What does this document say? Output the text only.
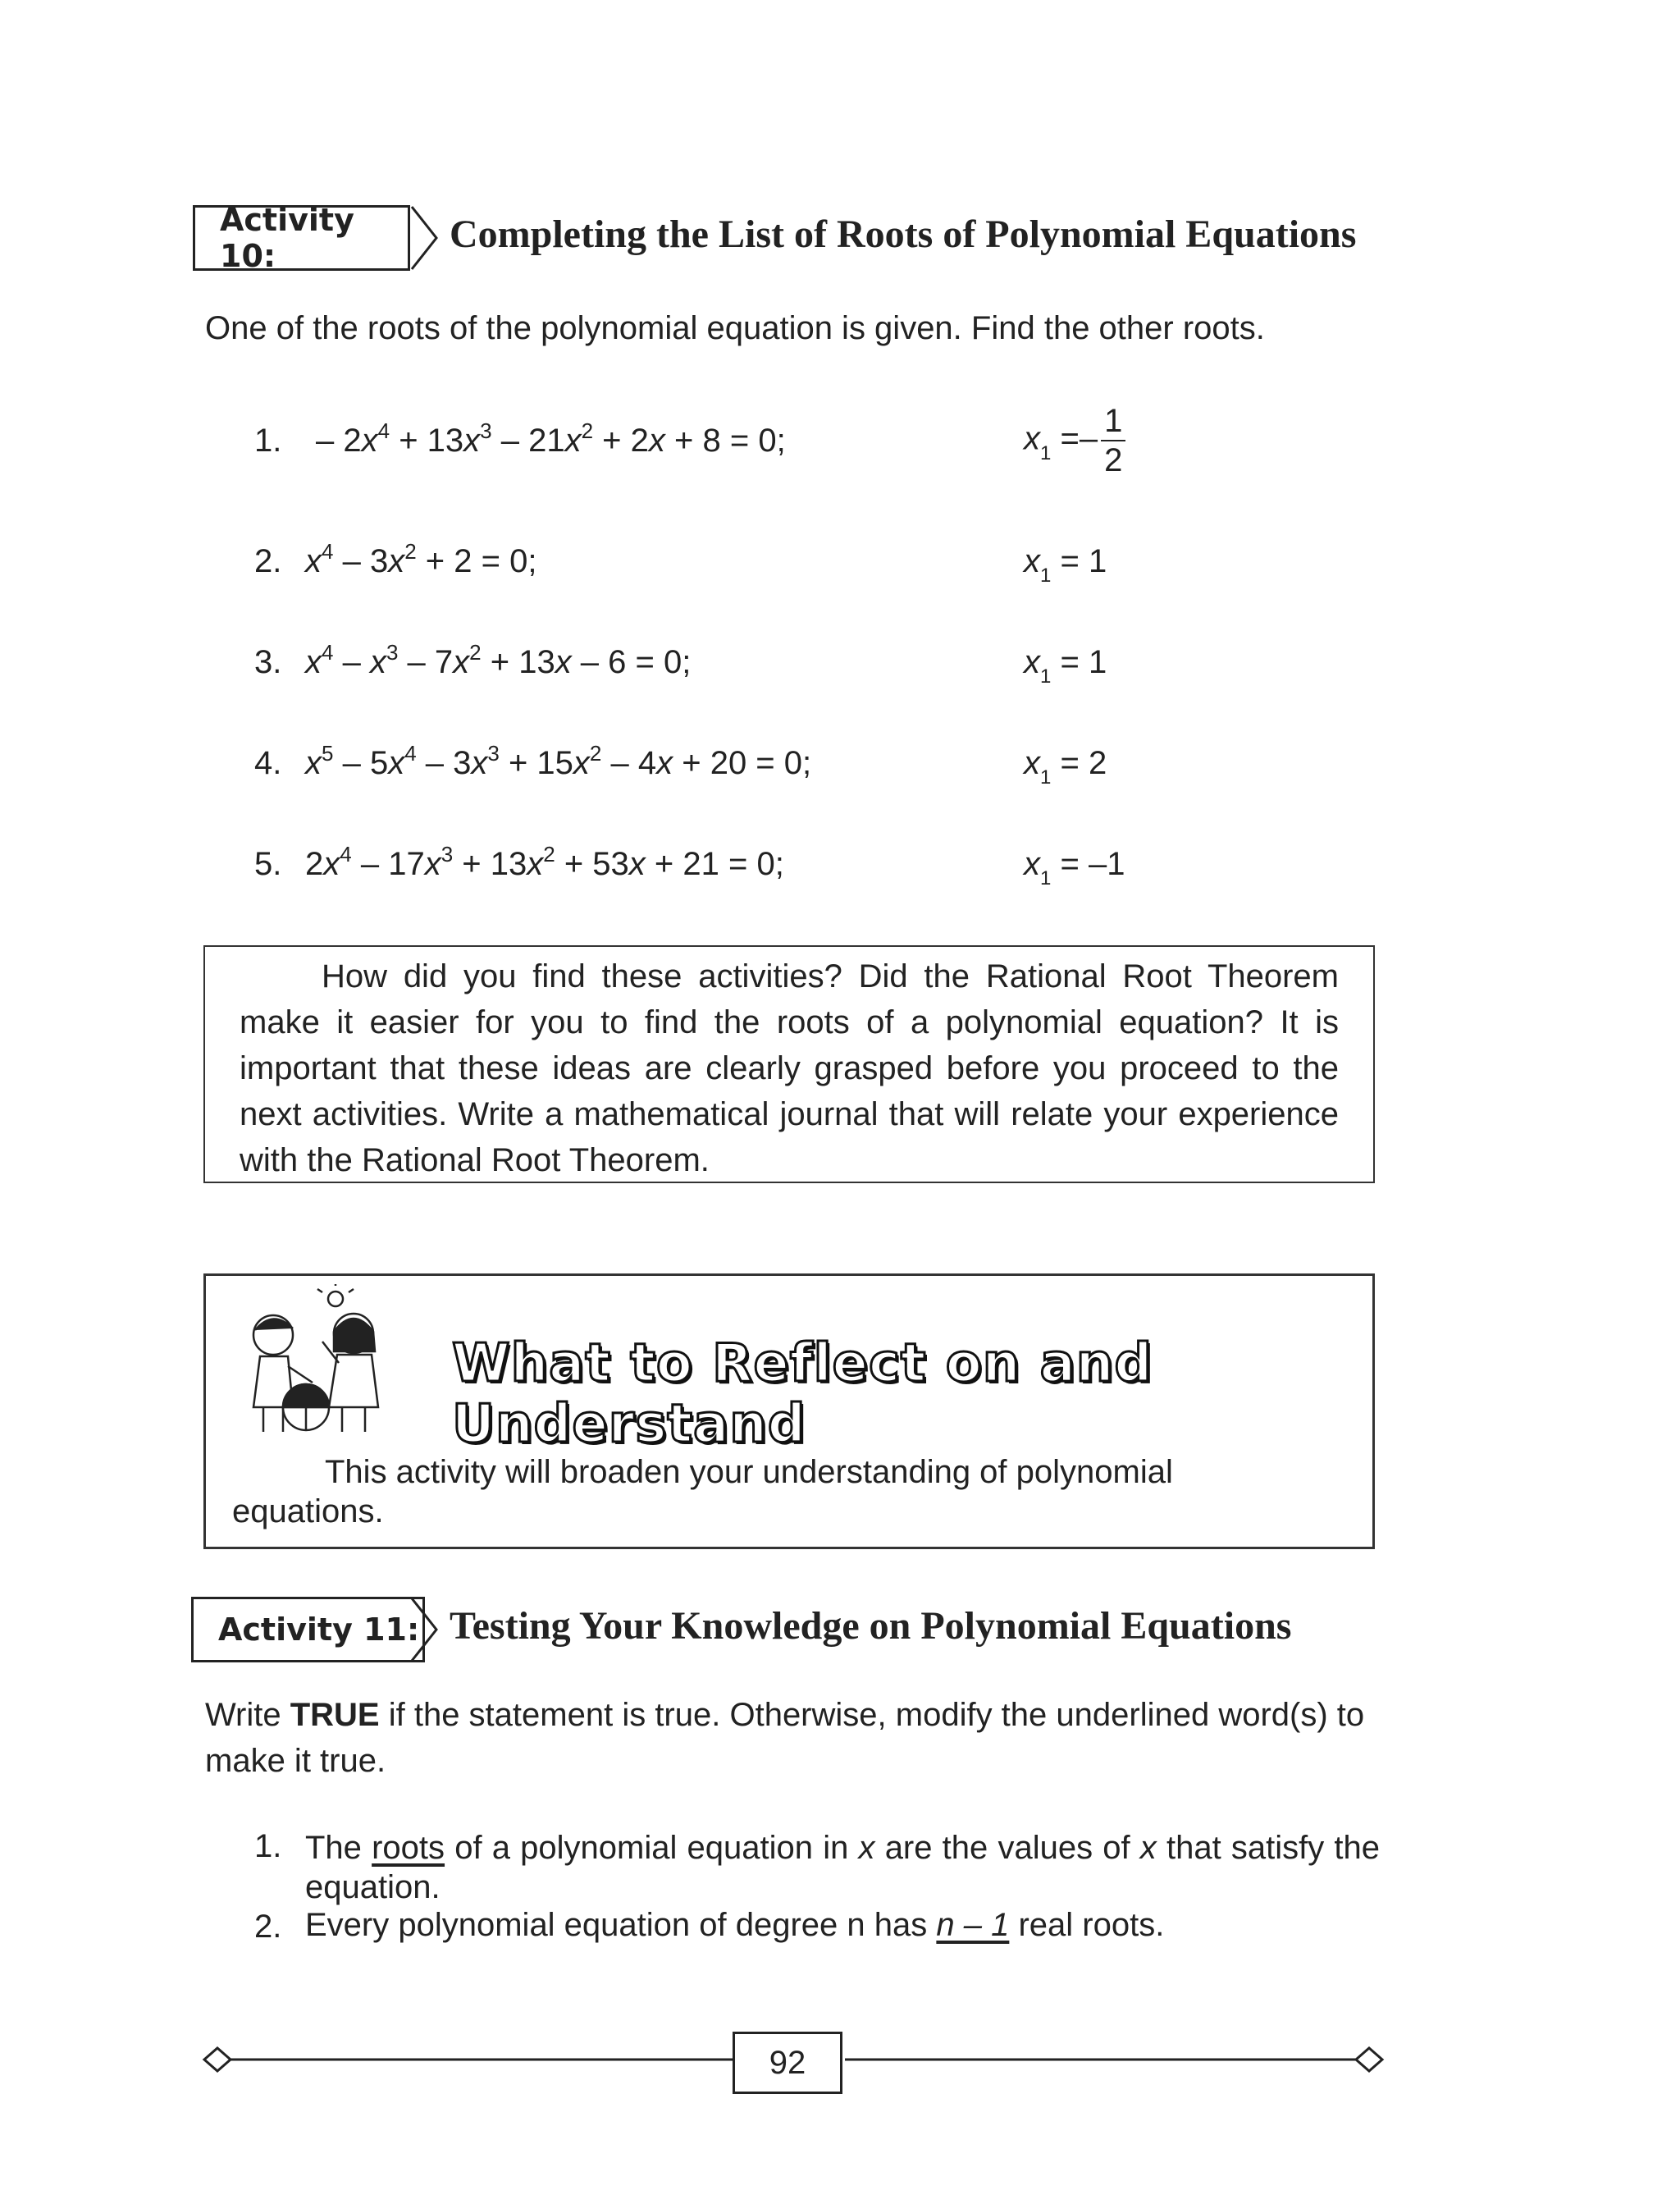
Activity 10:	Completing the List of Roots of Polynomial Equations
One of the roots of the polynomial equation is given. Find the other roots.
1. – $2x^4 + 13x^3 - 21x^2 + 2x + 8 = 0$;	$x_1 =- \frac{1}{2}$
2. $x^4 - 3x^2 + 2 = 0$;	$x_1 = 1$
3. $x^4 - x^3 - 7x^2 + 13x - 6 = 0$;	$x_1 = 1$
4. $x^5 - 5x^4 - 3x^3 + 15x^2 - 4x + 20 = 0$;	$x_1 = 2$
5. $2x^4 - 17x^3 + 13x^2 + 53x + 21 = 0$;	$x_1 = -1$
How did you find these activities? Did the Rational Root Theorem make it easier for you to find the roots of a polynomial equation? It is important that these ideas are clearly grasped before you proceed to the next activities. Write a mathematical journal that will relate your experience with the Rational Root Theorem.
What to Reflect on and Understand
This activity will broaden your understanding of polynomial
equations.
Activity 11: Testing Your Knowledge on Polynomial Equations
Write TRUE if the statement is true. Otherwise, modify the underlined word(s) to make it true.
1. The roots of a polynomial equation in x are the values of x that satisfy the equation.
2. Every polynomial equation of degree n has n – 1 real roots.
92
